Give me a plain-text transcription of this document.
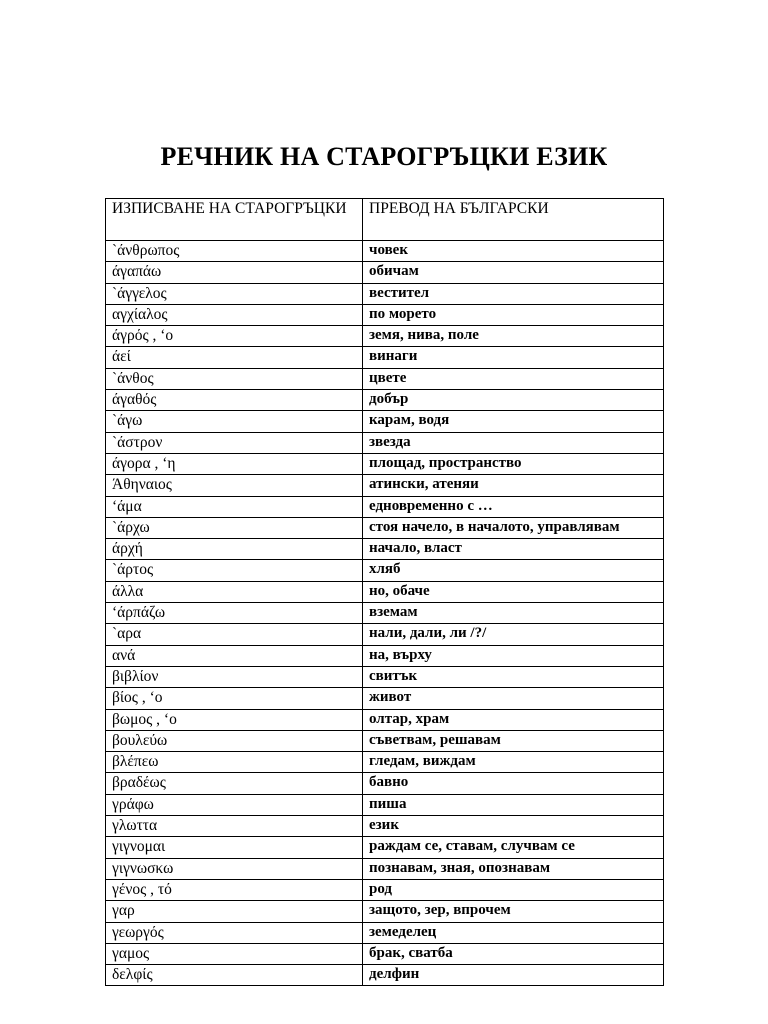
РЕЧНИК НА СТАРОГРЪЦКИ ЕЗИК
ИЗПИСВАНЕ НА СТАРОГРЪЦКИ	ПРЕВОД НА БЪЛГАРСКИ
`άνθρωπος	човек
άγαπάω	обичам
`άγγελος	вестител
αγχίαλος	по морето
άγρός , ‘ο	земя, нива, поле
άεί	винаги
`άνθος	цвете
άγαθός	добър
`άγω	карам, водя
`άστρον	звезда
άγορα , ‘η	площад, пространство
Άθηναιος	атински, атеняи
‘άμα	едновременно с …
`άρχω	стоя начело, в началото, управлявам
άρχή	начало, власт
`άρτος	хляб
άλλα	но, обаче
‘άρπάζω	вземам
`αρα	нали, дали, ли /?/
ανά	на, върху
βιβλίον	свитък
βίος , ‘ο	живот
βωμος , ‘ο	олтар, храм
βουλεύω	съветвам, решавам
βλέπεω	гледам, виждам
βραδέως	бавно
γράφω	пиша
γλωττα	език
γιγνομαι	раждам се, ставам, случвам се
γιγνωσκω	познавам, зная, опознавам
γένος , τό	род
γαρ	защото, зер, впрочем
γεωργός	земеделец
γαμος	брак, сватба
δελφίς	делфин
